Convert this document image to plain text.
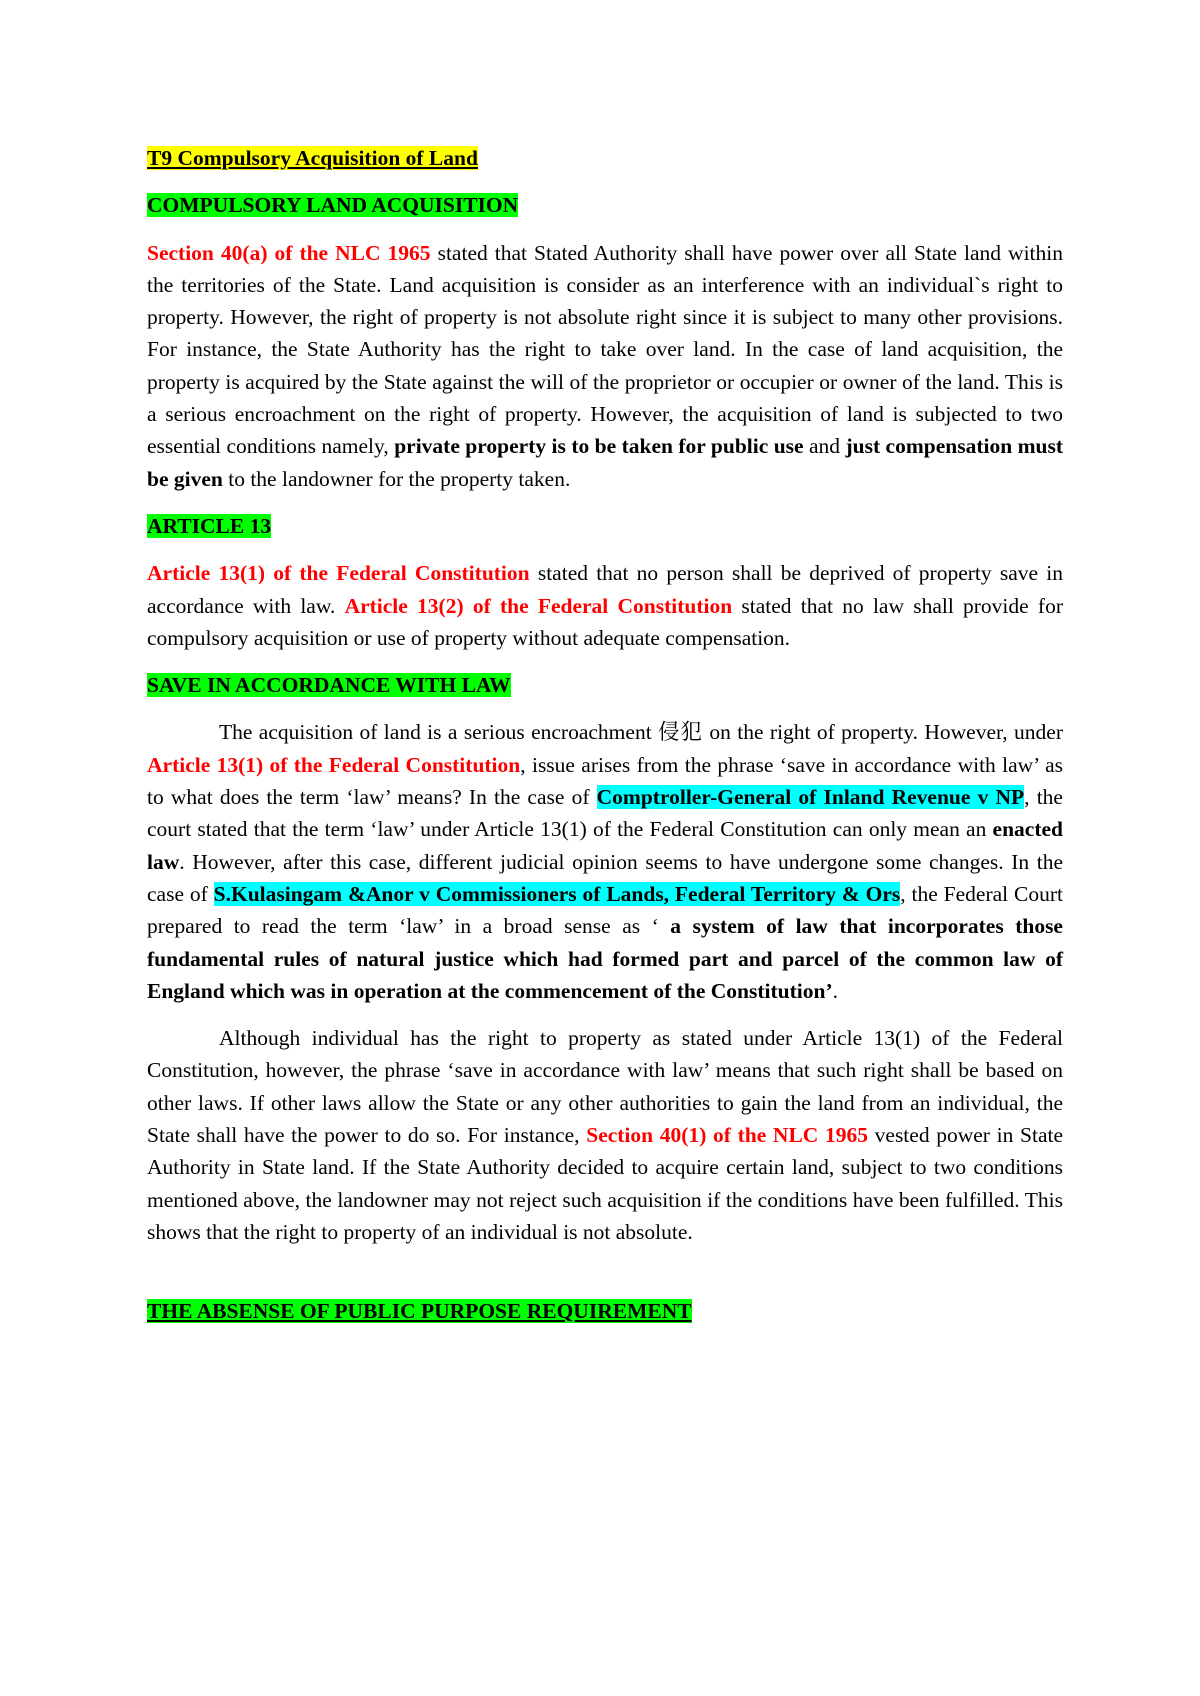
T9 Compulsory Acquisition of Land

COMPULSORY LAND ACQUISITION

Section 40(a) of the NLC 1965 stated that Stated Authority shall have power over all State land within the territories of the State. Land acquisition is consider as an interference with an individual`s right to property. However, the right of property is not absolute right since it is subject to many other provisions. For instance, the State Authority has the right to take over land. In the case of land acquisition, the property is acquired by the State against the will of the proprietor or occupier or owner of the land. This is a serious encroachment on the right of property. However, the acquisition of land is subjected to two essential conditions namely, private property is to be taken for public use and just compensation must be given to the landowner for the property taken.

ARTICLE 13

Article 13(1) of the Federal Constitution stated that no person shall be deprived of property save in accordance with law. Article 13(2) of the Federal Constitution stated that no law shall provide for compulsory acquisition or use of property without adequate compensation.

SAVE IN ACCORDANCE WITH LAW

The acquisition of land is a serious encroachment 侵犯 on the right of property. However, under Article 13(1) of the Federal Constitution, issue arises from the phrase ‘save in accordance with law’ as to what does the term ‘law’ means? In the case of Comptroller-General of Inland Revenue v NP, the court stated that the term ‘law’ under Article 13(1) of the Federal Constitution can only mean an enacted law. However, after this case, different judicial opinion seems to have undergone some changes. In the case of S.Kulasingam &Anor v Commissioners of Lands, Federal Territory & Ors, the Federal Court prepared to read the term ‘law’ in a broad sense as ‘ a system of law that incorporates those fundamental rules of natural justice which had formed part and parcel of the common law of England which was in operation at the commencement of the Constitution’.

Although individual has the right to property as stated under Article 13(1) of the Federal Constitution, however, the phrase ‘save in accordance with law’ means that such right shall be based on other laws. If other laws allow the State or any other authorities to gain the land from an individual, the State shall have the power to do so. For instance, Section 40(1) of the NLC 1965 vested power in State Authority in State land. If the State Authority decided to acquire certain land, subject to two conditions mentioned above, the landowner may not reject such acquisition if the conditions have been fulfilled. This shows that the right to property of an individual is not absolute.

THE ABSENSE OF PUBLIC PURPOSE REQUIREMENT
